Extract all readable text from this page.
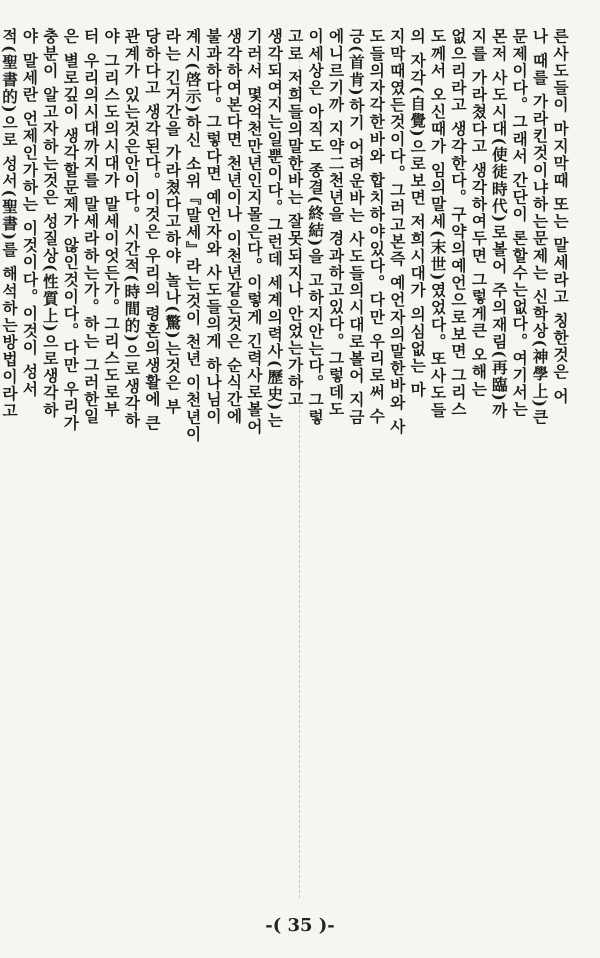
른사도들이 마지막때 또는 말세라고 칭한것은 어
나 때를 가라킨것이냐하는문제는 신학상(神學上)큰
문제이다。그래서 간단이 론할수는없다。여기서는
몬저 사도시대(使徒時代)로볼어 주의재림(再臨)까
지를 가라쳤다고 생각하여두면 그렇게큰 오해는
없으리라고 생각한다。구약의예언으로보면 그리스
도께서 오신때가 임의말세(末世)였었다。또사도들
의 자각(自覺)으로보면 저희시대가 의심없는 마
지막때였든것이다。그러고본즉 예언자의말한바와 사
도들의자각한바와 합치하야있다。다만 우리로써 수
긍(首肯)하기 어려운바는 사도들의시대로볼어 지금
에니르기까 지약二천년을 경과하고있다。그렇데도
이세상은 아직도 종결(終結)을 고하지안는다。그렇
고로 저희들의말한바는 잘못되지나 안었는가하고
생각되여지는일뿐이다。그런데 세계의력사(歷史)는
기러서 몇억천만년인지몰은다。이렇게 긴력사로볼어
생각하여본다면 천년이나 이천년같은것은 순식간에
불과하다。그렇다면 예언자와 사도들의게 하나님이
계시(啓示)하신 소위『말세』라는것이 천년 이천년이
라는 긴거간을 가라쳤다고하야 놀나(驚)는것은 부
당하다고 생각된다。이것은 우리의 령혼의생활에 큰
관계가 있는것은안이다。시간적(時間的)으로생각하
야 그리스도의시대가 말세이엇든가。그리스도로부
터 우리의시대까지를 말세라하는가。하는 그러한일
은 별로깊이 생각할문제가 않인것이다。다만 우리가
충분이 알고자하는것은 성질상(性質上)으로생각하
야 말세란 언제인가하는 이것이다。이것이 성서
적(聖書的)으로 성서(聖書)를 해석하는방법이라고
-( 35 )-
